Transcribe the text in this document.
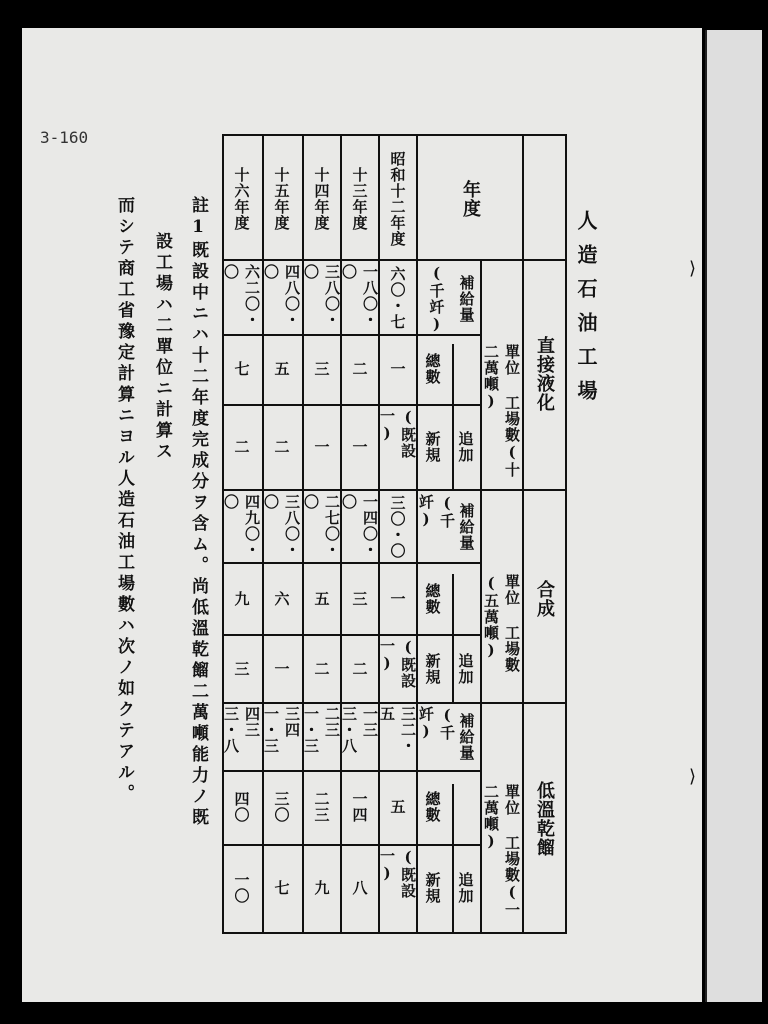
⟩
⟩
3-160
人造石油工場
年度
直接液化
合成
低溫乾餾
補給量
(千竏)
單位 工場數(十二萬噸)
總數
新規 追加
補給量
(千竏)
單位 工場數(五萬噸)
總數
新規 追加
補給量
(千竏)
單位 工場數(一二萬噸)
總數
新規 追加
昭和十二年度
六〇・七
一
(既設一)
三〇・〇
一
(既設一)
三二・五
五
(既設一)
十三年度
一八〇・〇
二
一
一四〇・〇
三
二
一三三・八
一四
八
十四年度
三八〇・〇
三
一
二七〇・〇
五
二
二三一・三
二三
九
十五年度
四八〇・〇
五
二
三八〇・〇
六
一
三四一・三
三〇
七
十六年度
六二〇・〇
七
二
四九〇・〇
九
三
四三三・八
四〇
一〇
註1既設中ニハ十二年度完成分ヲ含ム。尚低溫乾餾二萬噸能力ノ既
設工場ハ二單位ニ計算ス
而シテ商工省豫定計算ニヨル人造石油工場數ハ次ノ如クテアル。
